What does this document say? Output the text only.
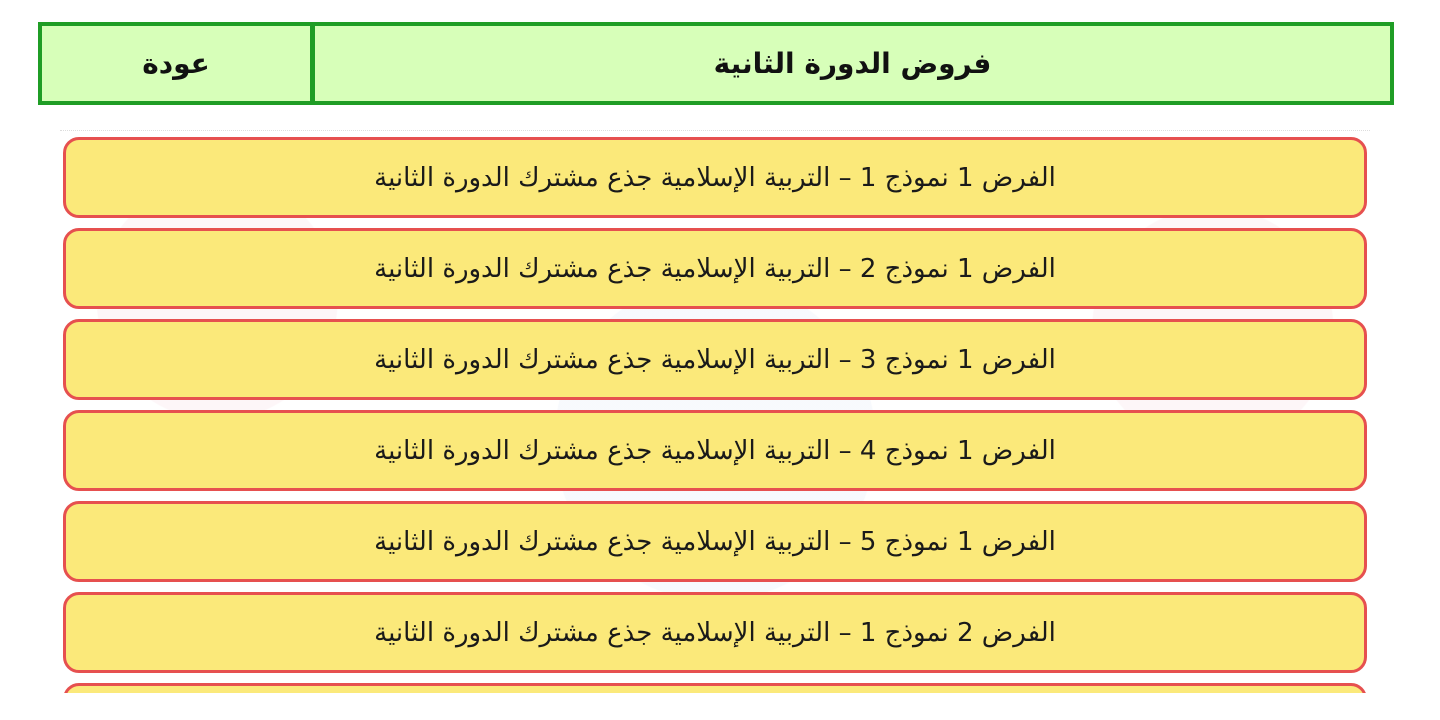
عودة	فروض الدورة الثانية
الفرض 1 نموذج 1 – التربية الإسلامية جذع مشترك الدورة الثانية
الفرض 1 نموذج 2 – التربية الإسلامية جذع مشترك الدورة الثانية
الفرض 1 نموذج 3 – التربية الإسلامية جذع مشترك الدورة الثانية
الفرض 1 نموذج 4 – التربية الإسلامية جذع مشترك الدورة الثانية
الفرض 1 نموذج 5 – التربية الإسلامية جذع مشترك الدورة الثانية
الفرض 2 نموذج 1 – التربية الإسلامية جذع مشترك الدورة الثانية
